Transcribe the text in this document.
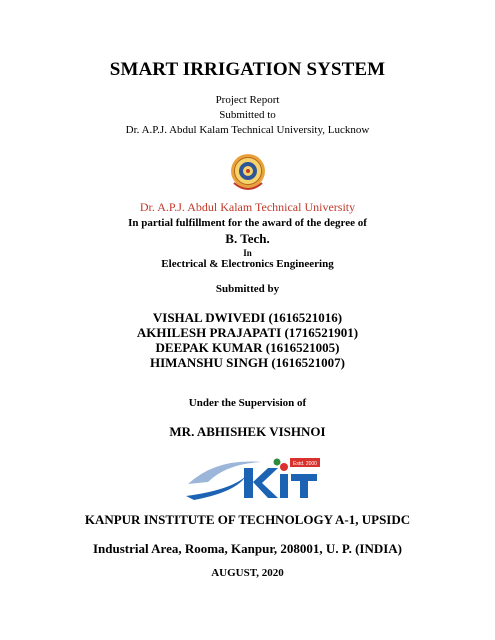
SMART IRRIGATION SYSTEM
Project Report
Submitted to
Dr. A.P.J. Abdul Kalam Technical University, Lucknow
Dr. A.P.J. Abdul Kalam Technical University
In partial fulfillment for the award of the degree of
B. Tech.
In
Electrical & Electronics Engineering
Submitted by
VISHAL DWIVEDI (1616521016)
AKHILESH PRAJAPATI (1716521901)
DEEPAK KUMAR (1616521005)
HIMANSHU SINGH (1616521007)
Under the Supervision of
MR. ABHISHEK VISHNOI
Estd. 2000
KANPUR INSTITUTE OF TECHNOLOGY A-1, UPSIDC
Industrial Area, Rooma, Kanpur, 208001, U. P. (INDIA)
AUGUST, 2020
